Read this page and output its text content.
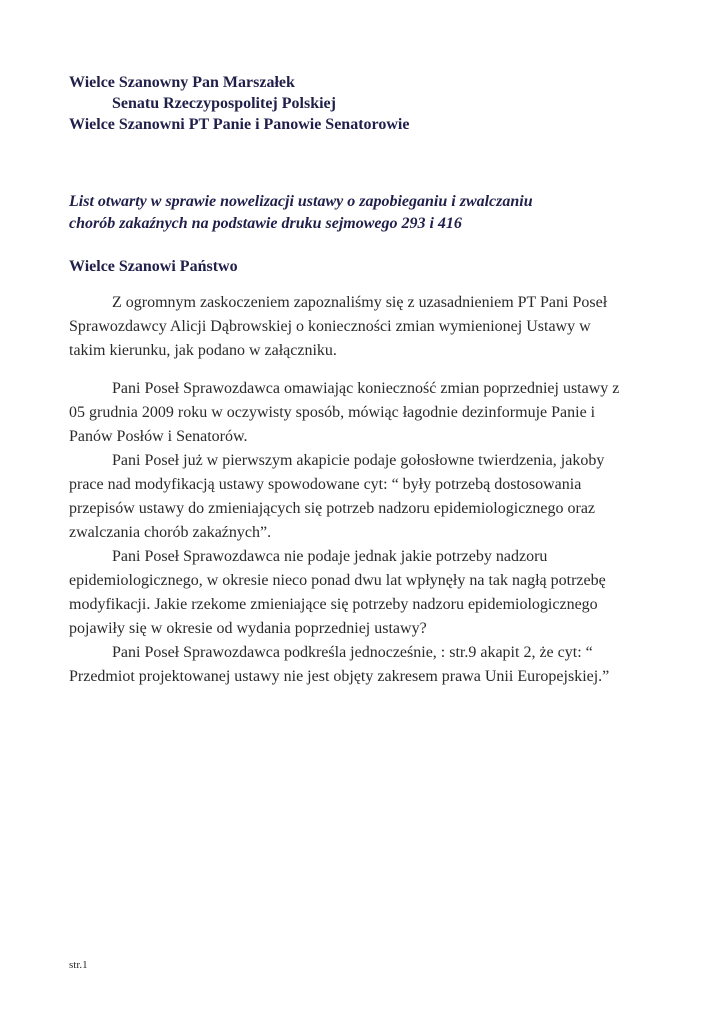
Wielce Szanowny Pan Marszałek
Senatu Rzeczypospolitej Polskiej
Wielce Szanowni PT Panie i Panowie Senatorowie
List otwarty w sprawie nowelizacji ustawy o zapobieganiu i zwalczaniu
chorób zakaźnych na podstawie druku sejmowego 293 i 416
Wielce Szanowi Państwo
Z ogromnym zaskoczeniem zapoznaliśmy się z uzasadnieniem PT Pani Poseł
Sprawozdawcy Alicji Dąbrowskiej o konieczności zmian wymienionej Ustawy w
takim kierunku, jak podano w załączniku.
Pani Poseł Sprawozdawca omawiając konieczność zmian poprzedniej ustawy z
05 grudnia 2009 roku w oczywisty sposób, mówiąc łagodnie dezinformuje Panie i
Panów Posłów i Senatorów.
Pani Poseł już w pierwszym akapicie podaje gołosłowne twierdzenia, jakoby
prace nad modyfikacją ustawy spowodowane cyt: “ były potrzebą dostosowania
przepisów ustawy do zmieniających się potrzeb nadzoru epidemiologicznego oraz
zwalczania chorób zakaźnych”.
Pani Poseł Sprawozdawca nie podaje jednak jakie potrzeby nadzoru
epidemiologicznego, w okresie nieco ponad dwu lat wpłynęły na tak nagłą potrzebę
modyfikacji. Jakie rzekome zmieniające się potrzeby nadzoru epidemiologicznego
pojawiły się w okresie od wydania poprzedniej ustawy?
Pani Poseł Sprawozdawca podkreśla jednocześnie, : str.9 akapit 2, że cyt: “
Przedmiot projektowanej ustawy nie jest objęty zakresem prawa Unii Europejskiej.”
str.1
